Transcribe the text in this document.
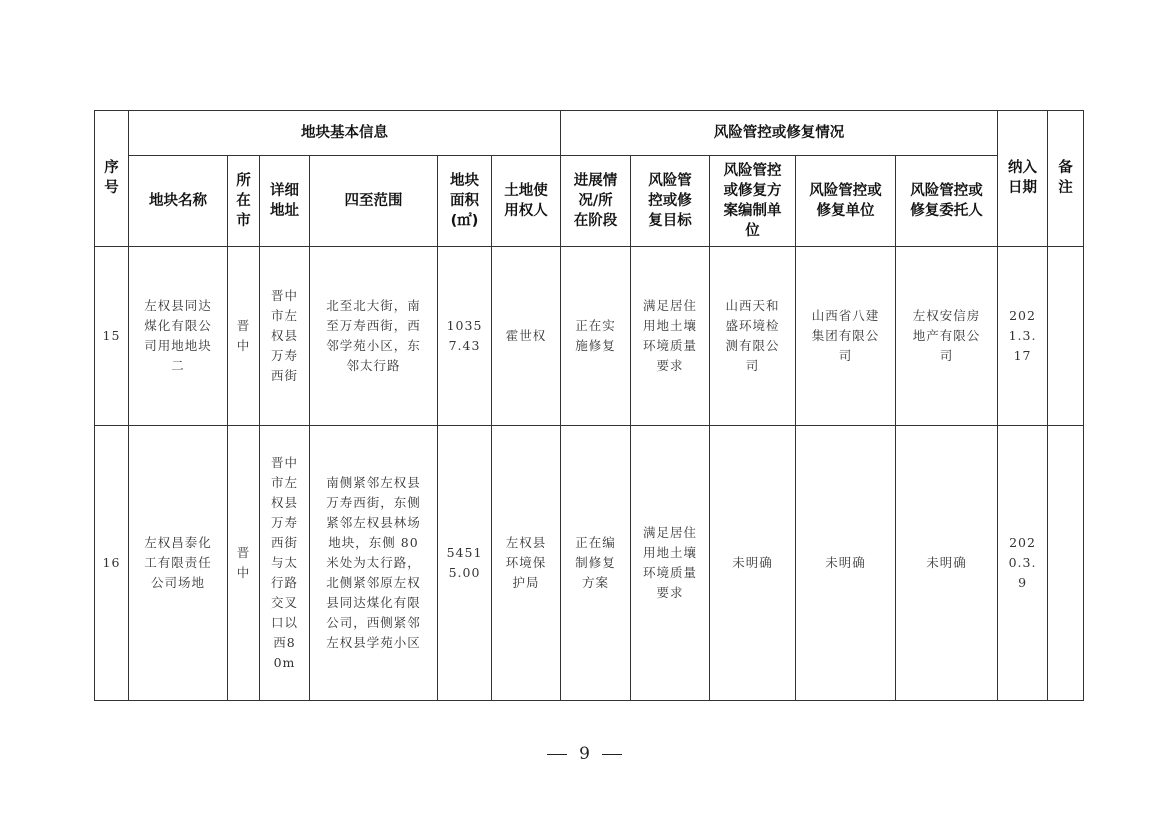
序号	地块基本信息						风险管控或修复情况					纳入日期	备注
	地块名称	所在市	详细地址	四至范围	地块面积(㎡)	土地使用权人	进展情况/所在阶段	风险管控或修复目标	风险管控或修复方案编制单位	风险管控或修复单位	风险管控或修复委托人		
15	左权县同达煤化有限公司用地地块二	晋中	晋中市左权县万寿西街	北至北大街，南至万寿西街，西邻学苑小区，东邻太行路	10357.43	霍世权	正在实施修复	满足居住用地土壤环境质量要求	山西天和盛环境检测有限公司	山西省八建集团有限公司	左权安信房地产有限公司	2021.3.17	
16	左权昌泰化工有限责任公司场地	晋中	晋中市左权县万寿西街与太行路交叉口以西80m	南侧紧邻左权县万寿西街，东侧紧邻左权县林场 地块，东侧 80 米处为太行路，北侧紧邻原左权县同达煤化有限公司，西侧紧邻左权县学苑小区	54515.00	左权县环境保护局	正在编制修复方案	满足居住用地土壤环境质量要求	未明确	未明确	未明确	2020.3.9	
9
